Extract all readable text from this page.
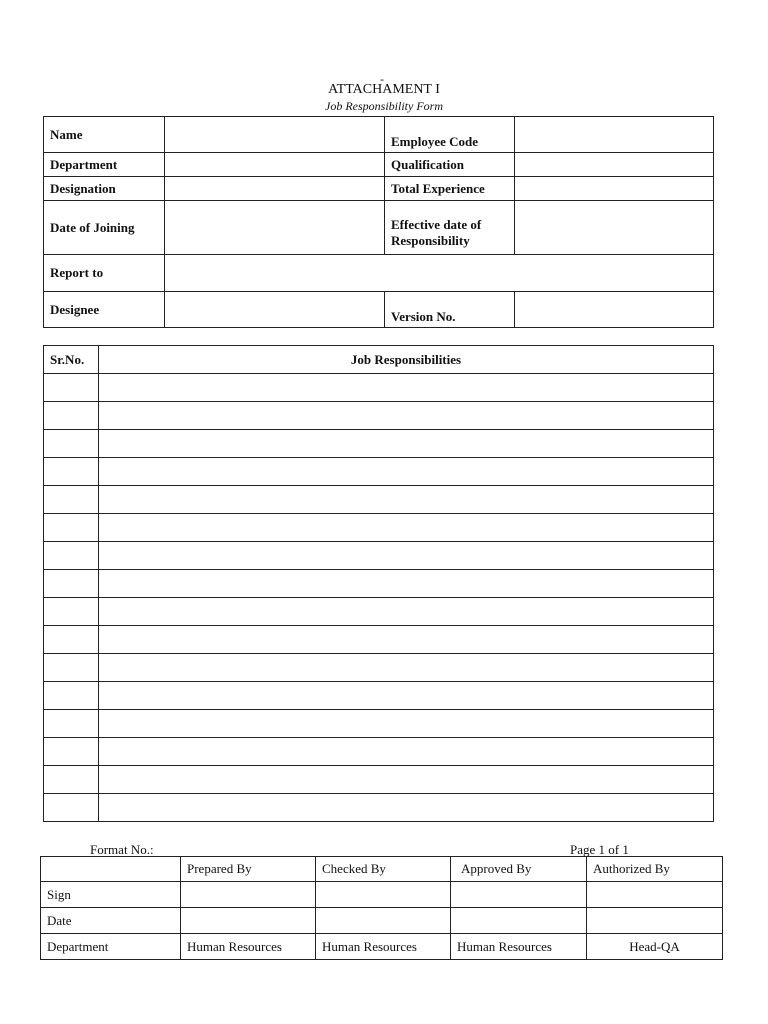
-
ATTACHAMENT I
Job Responsibility Form
Name		Employee Code	
Department		Qualification	
Designation		Total Experience	
Date of Joining		Effective date of Responsibility	
Report to			
Designee		Version No.	
Sr.No.	Job Responsibilities

Format No.:	Page 1 of 1
	Prepared By	Checked By	Approved By	Authorized By
Sign				
Date				
Department	Human Resources	Human Resources	Human Resources	Head-QA
